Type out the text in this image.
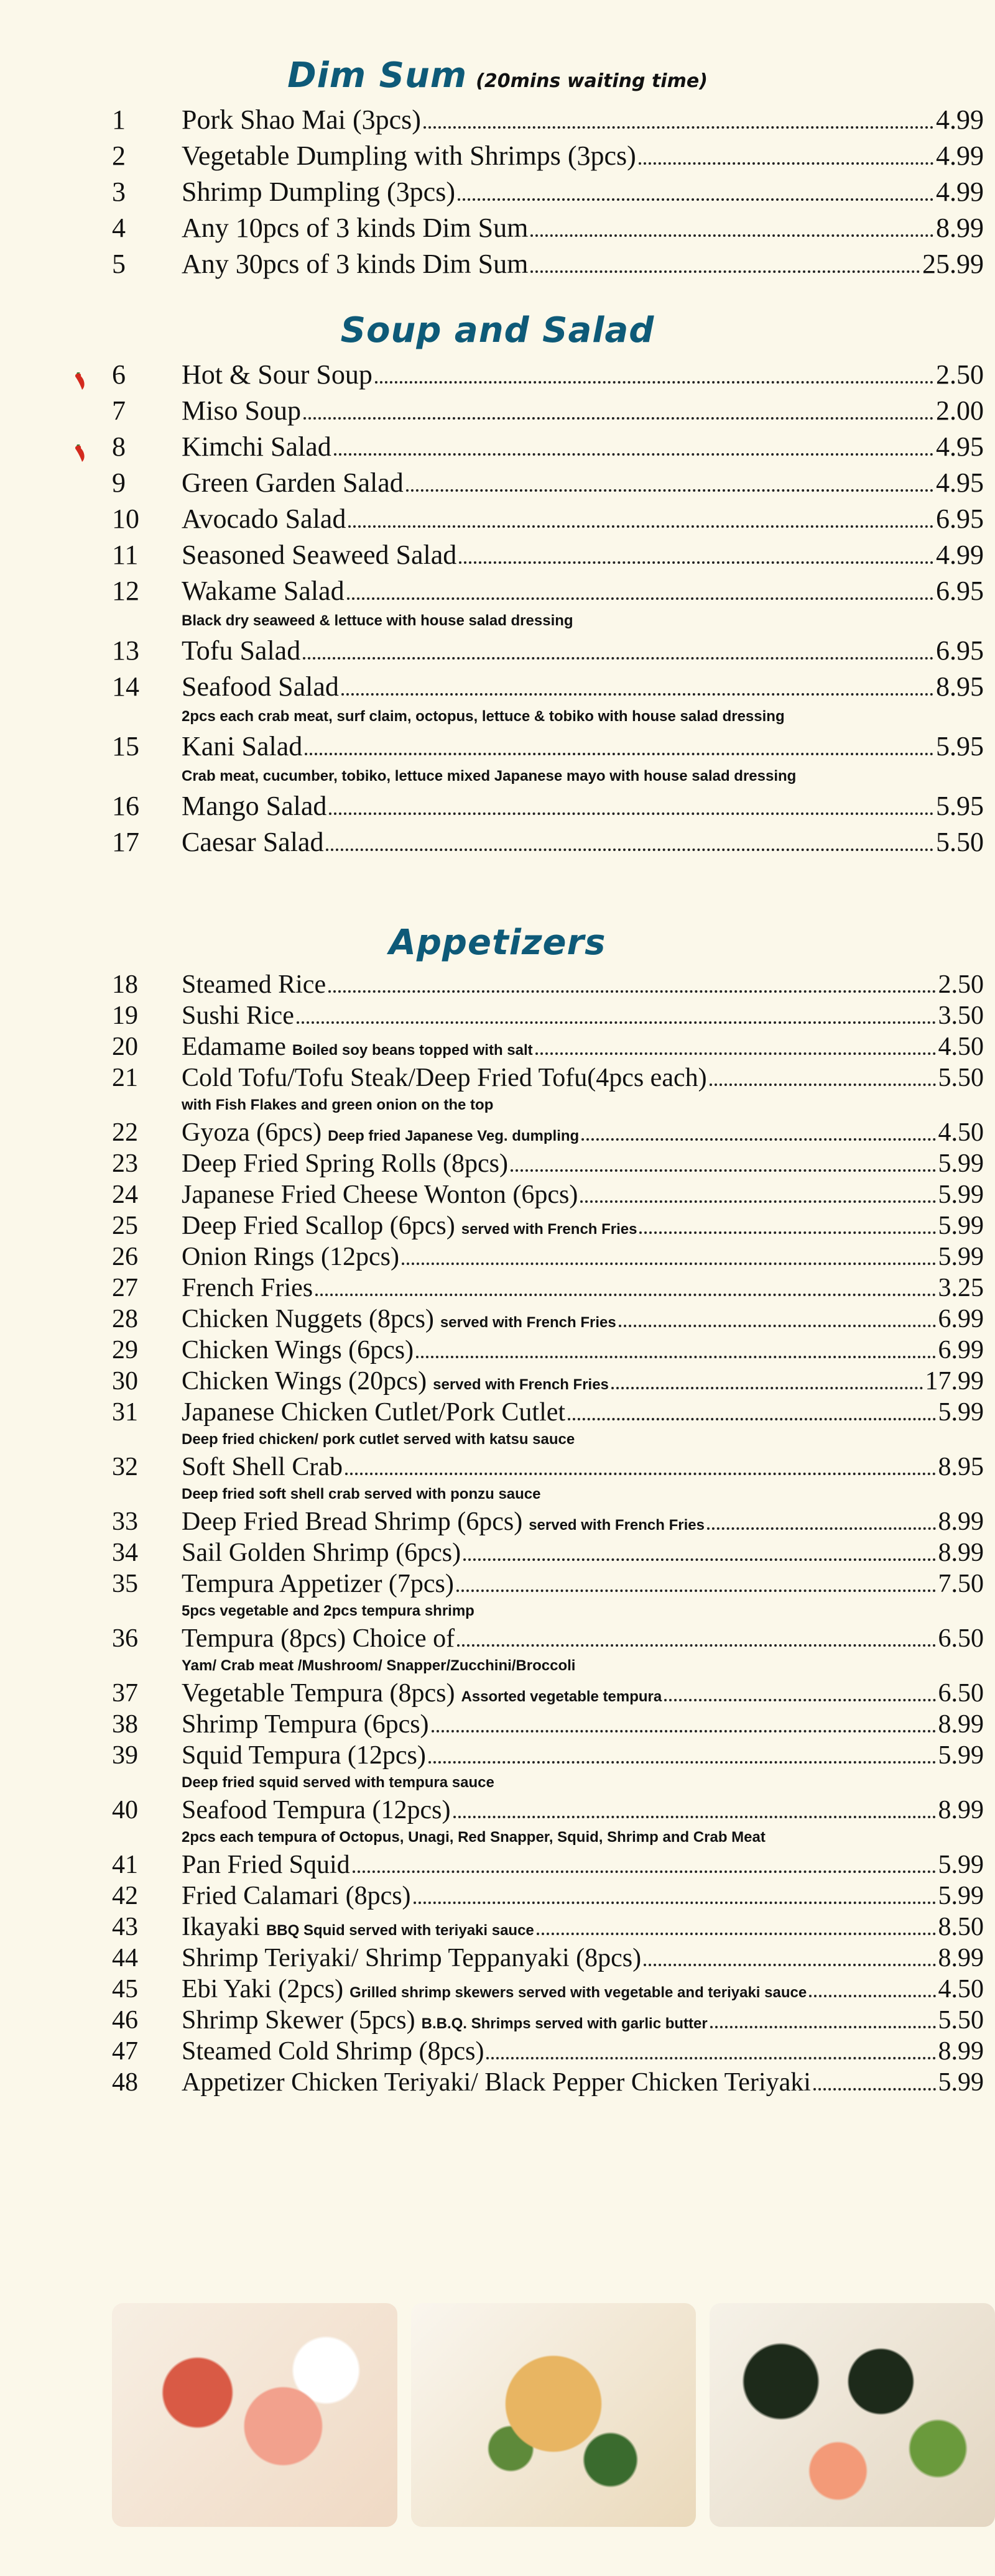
Dim Sum (20mins waiting time)
1	Pork Shao Mai (3pcs)	4.99
2	Vegetable Dumpling with Shrimps (3pcs)	4.99
3	Shrimp Dumpling (3pcs)	4.99
4	Any 10pcs of 3 kinds Dim Sum	8.99
5	Any 30pcs of 3 kinds Dim Sum	25.99
Soup and Salad
6	Hot & Sour Soup	2.50
7	Miso Soup	2.00
8	Kimchi Salad	4.95
9	Green Garden Salad	4.95
10	Avocado Salad	6.95
11	Seasoned Seaweed Salad	4.99
12	Wakame Salad	6.95
Black dry seaweed & lettuce with house salad dressing
13	Tofu Salad	6.95
14	Seafood Salad	8.95
2pcs each crab meat, surf claim, octopus, lettuce & tobiko with house salad dressing
15	Kani Salad	5.95
Crab meat, cucumber, tobiko, lettuce mixed Japanese mayo with house salad dressing
16	Mango Salad	5.95
17	Caesar Salad	5.50
Appetizers
18	Steamed Rice	2.50
19	Sushi Rice	3.50
20	Edamame Boiled soy beans topped with salt	4.50
21	Cold Tofu/Tofu Steak/Deep Fried Tofu(4pcs each)	5.50
with Fish Flakes and green onion on the top
22	Gyoza (6pcs) Deep fried Japanese Veg. dumpling	4.50
23	Deep Fried Spring Rolls (8pcs)	5.99
24	Japanese Fried Cheese Wonton (6pcs)	5.99
25	Deep Fried Scallop (6pcs) served with French Fries	5.99
26	Onion Rings (12pcs)	5.99
27	French Fries	3.25
28	Chicken Nuggets (8pcs) served with French Fries	6.99
29	Chicken Wings (6pcs)	6.99
30	Chicken Wings (20pcs) served with French Fries	17.99
31	Japanese Chicken Cutlet/Pork Cutlet	5.99
Deep fried chicken/ pork cutlet served with katsu sauce
32	Soft Shell Crab	8.95
Deep fried soft shell crab served with ponzu sauce
33	Deep Fried Bread Shrimp (6pcs) served with French Fries	8.99
34	Sail Golden Shrimp (6pcs)	8.99
35	Tempura Appetizer (7pcs)	7.50
5pcs vegetable and 2pcs tempura shrimp
36	Tempura (8pcs) Choice of	6.50
Yam/ Crab meat /Mushroom/ Snapper/Zucchini/Broccoli
37	Vegetable Tempura (8pcs) Assorted vegetable tempura	6.50
38	Shrimp Tempura (6pcs)	8.99
39	Squid Tempura (12pcs)	5.99
Deep fried squid served with tempura sauce
40	Seafood Tempura (12pcs)	8.99
2pcs each tempura of Octopus, Unagi, Red Snapper, Squid, Shrimp and Crab Meat
41	Pan Fried Squid	5.99
42	Fried Calamari (8pcs)	5.99
43	Ikayaki BBQ Squid served with teriyaki sauce	8.50
44	Shrimp Teriyaki/ Shrimp Teppanyaki (8pcs)	8.99
45	Ebi Yaki (2pcs) Grilled shrimp skewers served with vegetable and teriyaki sauce	4.50
46	Shrimp Skewer (5pcs) B.B.Q. Shrimps served with garlic butter	5.50
47	Steamed Cold Shrimp (8pcs)	8.99
48	Appetizer Chicken Teriyaki/ Black Pepper Chicken Teriyaki	5.99
